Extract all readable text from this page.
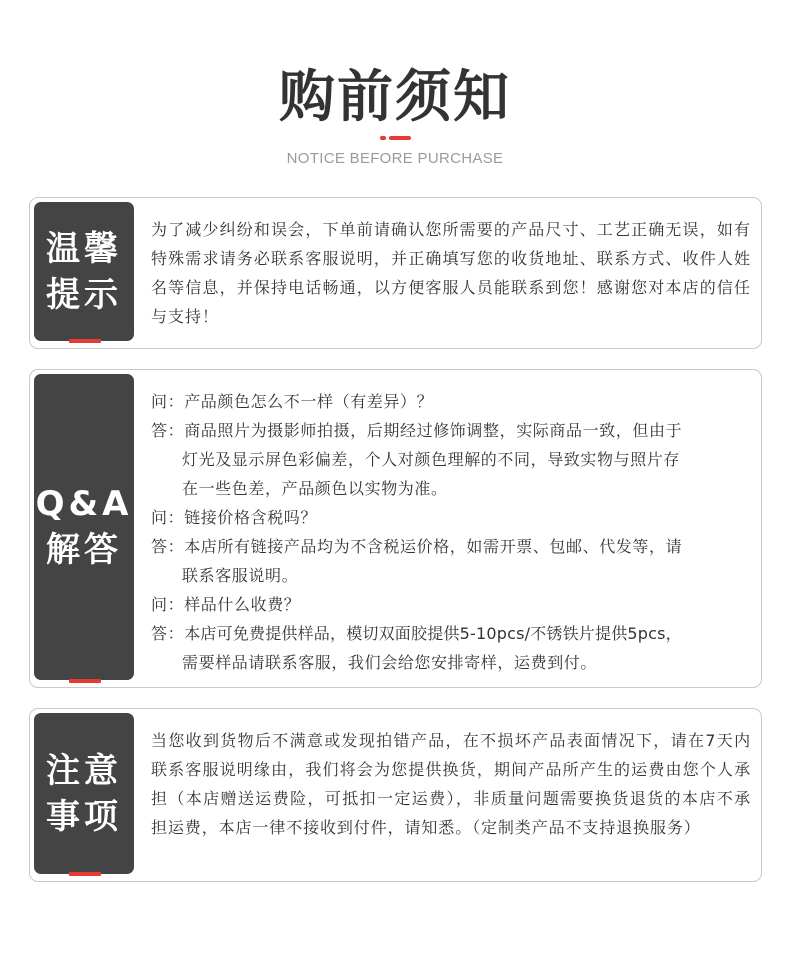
购前须知
NOTICE BEFORE PURCHASE
温馨
提示
为了减少纠纷和误会，下单前请确认您所需要的产品尺寸、工艺正确无误，如有特殊需求请务必联系客服说明，并正确填写您的收货地址、联系方式、收件人姓名等信息，并保持电话畅通，以方便客服人员能联系到您！感谢您对本店的信任与支持！
Q&A
解答
问： 产品颜色怎么不一样（有差异）？
答： 商品照片为摄影师拍摄，后期经过修饰调整，实际商品一致，但由于
灯光及显示屏色彩偏差，个人对颜色理解的不同，导致实物与照片存
在一些色差，产品颜色以实物为准。
问： 链接价格含税吗？
答： 本店所有链接产品均为不含税运价格，如需开票、包邮、代发等，请
联系客服说明。
问： 样品什么收费？
答： 本店可免费提供样品，模切双面胶提供5-10pcs/不锈铁片提供5pcs，
需要样品请联系客服，我们会给您安排寄样，运费到付。
注意
事项
当您收到货物后不满意或发现拍错产品，在不损坏产品表面情况下，请在7天内联系客服说明缘由，我们将会为您提供换货，期间产品所产生的运费由您个人承担（本店赠送运费险，可抵扣一定运费），非质量问题需要换货退货的本店不承担运费，本店一律不接收到付件，请知悉。（定制类产品不支持退换服务）
